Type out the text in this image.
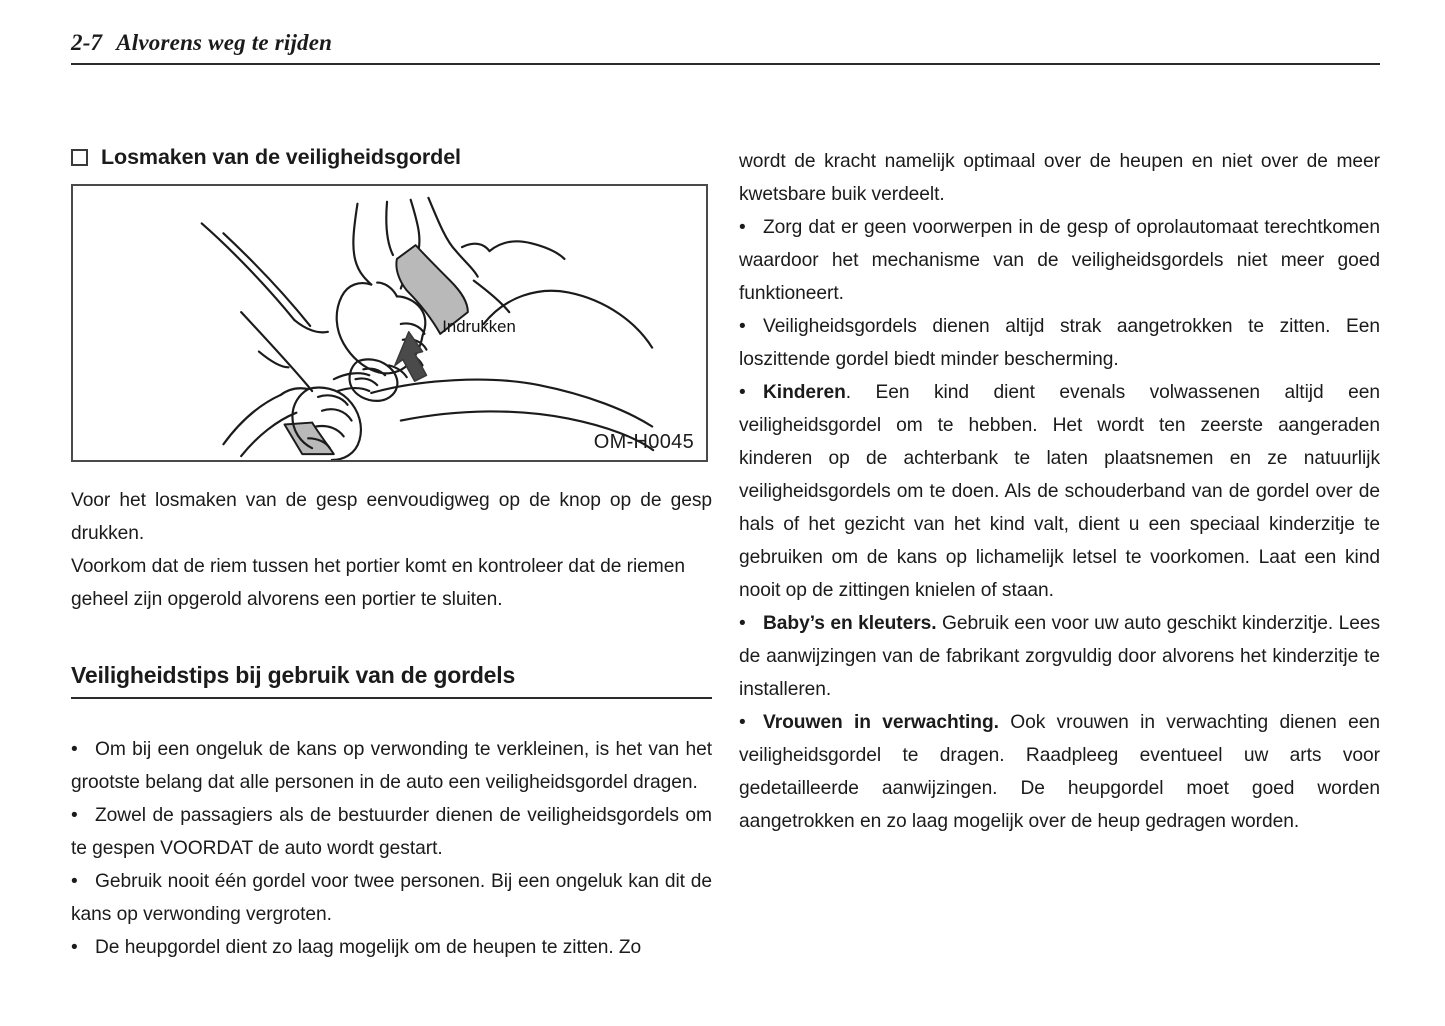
2-7 Alvorens weg te rijden
Losmaken van de veiligheidsgordel
Indrukken
OM-H0045

Voor het losmaken van de gesp eenvoudigweg op de knop op de gesp drukken.

Voorkom dat de riem tussen het portier komt en kontroleer dat de riemen geheel zijn opgerold alvorens een portier te sluiten.

Veiligheidstips bij gebruik van de gordels
• Om bij een ongeluk de kans op verwonding te verkleinen, is het van het grootste belang dat alle personen in de auto een veiligheidsgordel dragen.
• Zowel de passagiers als de bestuurder dienen de veiligheidsgordels om te gespen VOORDAT de auto wordt gestart.
• Gebruik nooit één gordel voor twee personen. Bij een ongeluk kan dit de kans op verwonding vergroten.
• De heupgordel dient zo laag mogelijk om de heupen te zitten. Zo

wordt de kracht namelijk optimaal over de heupen en niet over de meer kwetsbare buik verdeelt.

• Zorg dat er geen voorwerpen in de gesp of oprolautomaat terechtkomen waardoor het mechanisme van de veiligheidsgordels niet meer goed funktioneert.
• Veiligheidsgordels dienen altijd strak aangetrokken te zitten. Een loszittende gordel biedt minder bescherming.
• Kinderen. Een kind dient evenals volwassenen altijd een veiligheidsgordel om te hebben. Het wordt ten zeerste aangeraden kinderen op de achterbank te laten plaatsnemen en ze natuurlijk veiligheidsgordels om te doen. Als de schouderband van de gordel over de hals of het gezicht van het kind valt, dient u een speciaal kinderzitje te gebruiken om de kans op lichamelijk letsel te voorkomen. Laat een kind nooit op de zittingen knielen of staan.
• Baby’s en kleuters. Gebruik een voor uw auto geschikt kinderzitje. Lees de aanwijzingen van de fabrikant zorgvuldig door alvorens het kinderzitje te installeren.
• Vrouwen in verwachting. Ook vrouwen in verwachting dienen een veiligheidsgordel te dragen. Raadpleeg eventueel uw arts voor gedetailleerde aanwijzingen. De heupgordel moet goed worden aangetrokken en zo laag mogelijk over de heup gedragen worden.
